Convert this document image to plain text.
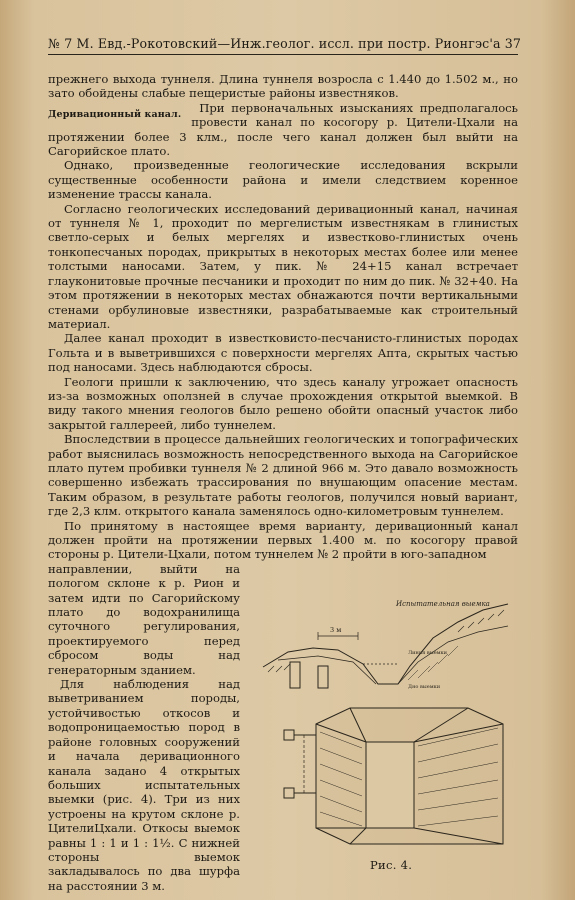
№ 7 М. Евд.-Рокотовский—Инж.геолог. иссл. при постр. Рионгэс'а 37

прежнего выхода туннеля. Длина туннеля возросла с 1.440 до 1.502 м., но зато обойдены слабые пещеристые районы известняков.

Деривационный канал.	При первоначальных изысканиях предполагалось провести канал по косогору р. Цители-Цхали на протяжении более 3 клм., после чего канал должен был выйти на Сагорийское плато.

Однако, произведенные геологические исследования вскрыли существенные особенности района и имели следствием коренное изменение трассы канала.

Согласно геологических исследований деривационный канал, начиная от туннеля № 1, проходит по мергелистым известнякам в глинистых светло-серых и белых мергелях и известково-глинистых очень тонкопесчаных породах, прикрытых в некоторых местах более или менее толстыми наносами. Затем, у пик. № 24+15 канал встречает глауконитовые прочные песчаники и проходит по ним до пик. № 32+40. На этом протяжении в некоторых местах обнажаются почти вертикальными стенами орбулиновые известняки, разрабатываемые как строительный материал.

Далее канал проходит в известковисто-песчанисто-глинистых породах Гольта и в выветрившихся с поверхности мергелях Апта, скрытых частью под наносами. Здесь наблюдаются сбросы.

Геологи пришли к заключению, что здесь каналу угрожает опасность из-за возможных оползней в случае прохождения открытой выемкой. В виду такого мнения геологов было решено обойти опасный участок либо закрытой галлереей, либо туннелем.

Впоследствии в процессе дальнейших геологических и топографических работ выяснилась возможность непосредственного выхода на Сагорийское плато путем пробивки туннеля № 2 длиной 966 м. Это давало возможность совершенно избежать трассирования по внушающим опасение местам. Таким образом, в результате работы геологов, получился новый вариант, где 2,3 клм. открытого канала заменялось одно-километровым туннелем.

По принятому в настоящее время варианту, деривационный канал должен пройти на протяжении первых 1.400 м. по косогору правой стороны р. Цители-Цхали, потом туннелем № 2 пройти в юго-западном

направлении, выйти на пологом склоне к р. Рион и затем идти по Сагорийскому плато до водохранилища суточного регулирования, проектируемого перед сбросом воды над генераторным зданием.

Для наблюдения над выветриванием породы, устойчивостью откосов и водопроницаемостью пород в районе головных сооружений и начала деривационного канала задано 4 открытых больших испытательных выемки (рис. 4). Три из них устроены на крутом склоне р. ЦителиЦхали. Откосы выемок равны 1 : 1 и 1 : 1½. С нижней стороны выемок закладывалось по два шурфа на расстоянии 3 м.

Испытательная выемка
3 м
Линия выемки
Дно выемки
Рис. 4.
